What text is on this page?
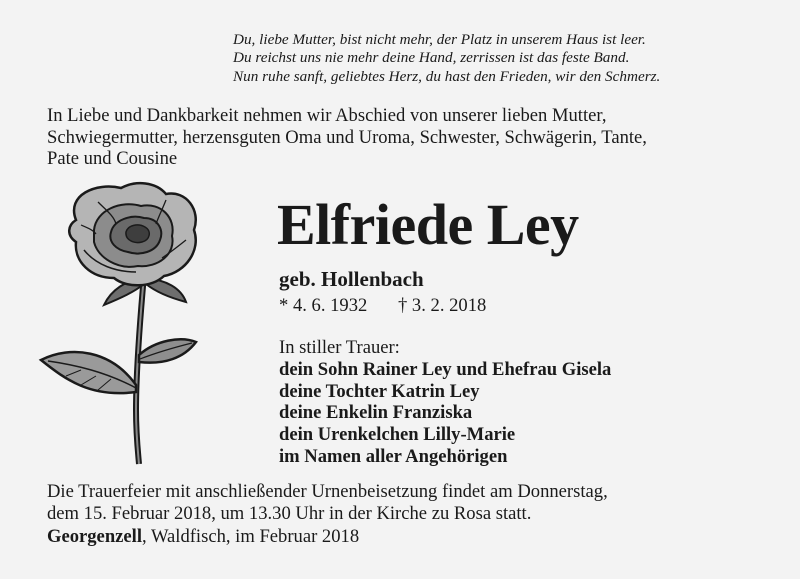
Du, liebe Mutter, bist nicht mehr, der Platz in unserem Haus ist leer.
Du reichst uns nie mehr deine Hand, zerrissen ist das feste Band.
Nun ruhe sanft, geliebtes Herz, du hast den Frieden, wir den Schmerz.
In Liebe und Dankbarkeit nehmen wir Abschied von unserer lieben Mutter,
Schwiegermutter, herzensguten Oma und Uroma, Schwester, Schwägerin, Tante,
Pate und Cousine
Elfriede Ley
geb. Hollenbach
* 4. 6. 1932 † 3. 2. 2018
In stiller Trauer:
dein Sohn Rainer Ley und Ehefrau Gisela
deine Tochter Katrin Ley
deine Enkelin Franziska
dein Urenkelchen Lilly-Marie
im Namen aller Angehörigen
Die Trauerfeier mit anschließender Urnenbeisetzung findet am Donnerstag,
dem 15. Februar 2018, um 13.30 Uhr in der Kirche zu Rosa statt.
Georgenzell, Waldfisch, im Februar 2018
